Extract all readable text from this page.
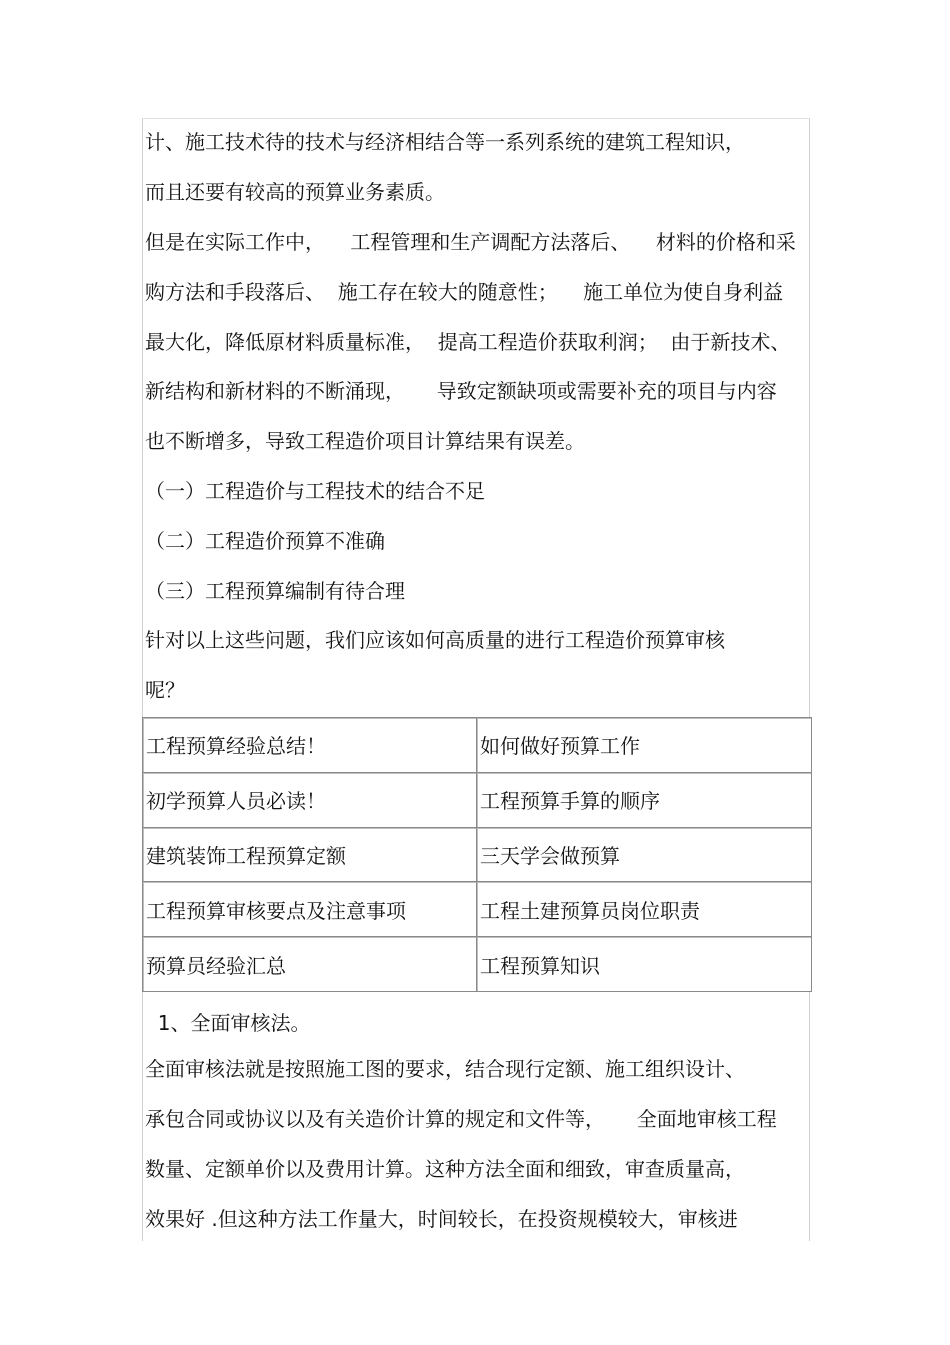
计、施工技术待的技术与经济相结合等一系列系统的建筑工程知识，

而且还要有较高的预算业务素质。

但是在实际工作中，    工程管理和生产调配方法落后、    材料的价格和采

购方法和手段落后、  施工存在较大的随意性；    施工单位为使自身利益

最大化，降低原材料质量标准，  提高工程造价获取利润；  由于新技术、

新结构和新材料的不断涌现，     导致定额缺项或需要补充的项目与内容

也不断增多，导致工程造价项目计算结果有误差。

（一）工程造价与工程技术的结合不足

（二）工程造价预算不准确

（三）工程预算编制有待合理

针对以上这些问题，我们应该如何高质量的进行工程造价预算审核

呢？

工程预算经验总结！	如何做好预算工作
初学预算人员必读！	工程预算手算的顺序
建筑装饰工程预算定额	三天学会做预算
工程预算审核要点及注意事项	工程土建预算员岗位职责
预算员经验汇总	工程预算知识

1、全面审核法。

全面审核法就是按照施工图的要求，结合现行定额、施工组织设计、

承包合同或协议以及有关造价计算的规定和文件等，     全面地审核工程

数量、定额单价以及费用计算。这种方法全面和细致，审查质量高，

效果好 .但这种方法工作量大，时间较长，在投资规模较大，审核进
